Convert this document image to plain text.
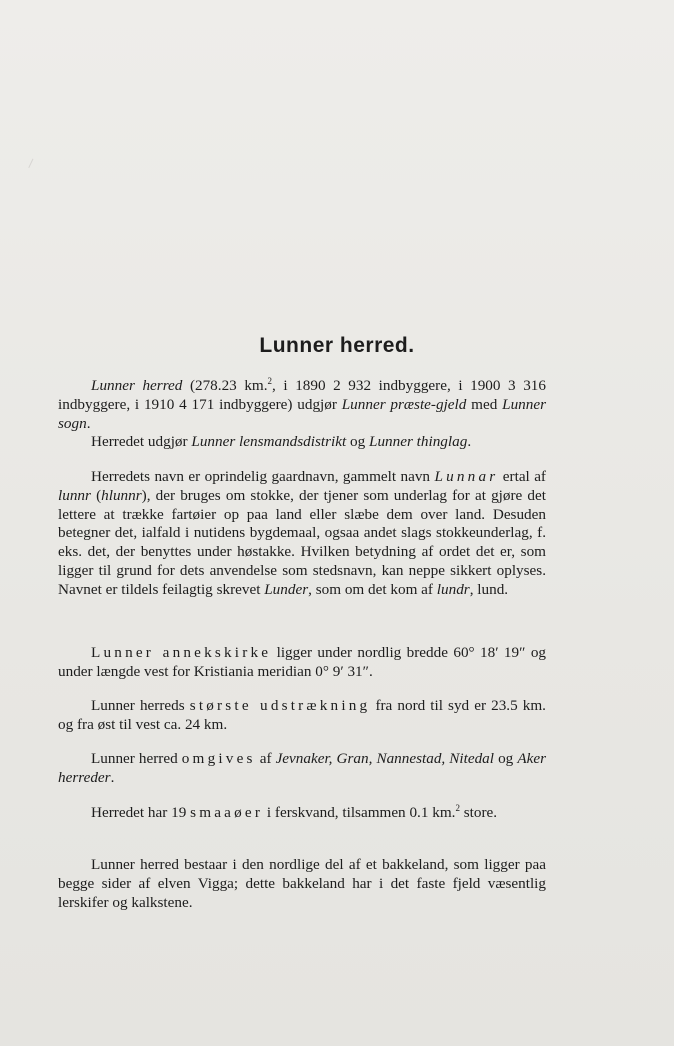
Lunner herred.
Lunner herred (278.23 km.$^2$, i 1890 2 932 indbyggere, i 1900 3 316 indbyggere, i 1910 4 171 indbyggere) udgjør Lunner præste-gjeld med Lunner sogn.
Herredet udgjør Lunner lensmandsdistrikt og Lunner thinglag.
Herredets navn er oprindelig gaardnavn, gammelt navn Lunnar ertal af lunnr (hlunnr), der bruges om stokke, der tjener som underlag for at gjøre det lettere at trække fartøier op paa land eller slæbe dem over land. Desuden betegner det, ialfald i nutidens bygdemaal, ogsaa andet slags stokkeunderlag, f. eks. det, der benyttes under høstakke. Hvilken betydning af ordet det er, som ligger til grund for dets anvendelse som stedsnavn, kan neppe sikkert oplyses. Navnet er tildels feilagtig skrevet Lunder, som om det kom af lundr, lund.
Lunner annekskirke ligger under nordlig bredde 60° 18′ 19″ og under længde vest for Kristiania meridian 0° 9′ 31″.
Lunner herreds største udstrækning fra nord til syd er 23.5 km. og fra øst til vest ca. 24 km.
Lunner herred omgives af Jevnaker, Gran, Nannestad, Nitedal og Aker herreder.
Herredet har 19 smaaøer i ferskvand, tilsammen 0.1 km.$^2$ store.
Lunner herred bestaar i den nordlige del af et bakkeland, som ligger paa begge sider af elven Vigga; dette bakkeland har i det faste fjeld væsentlig lerskifer og kalkstene.
